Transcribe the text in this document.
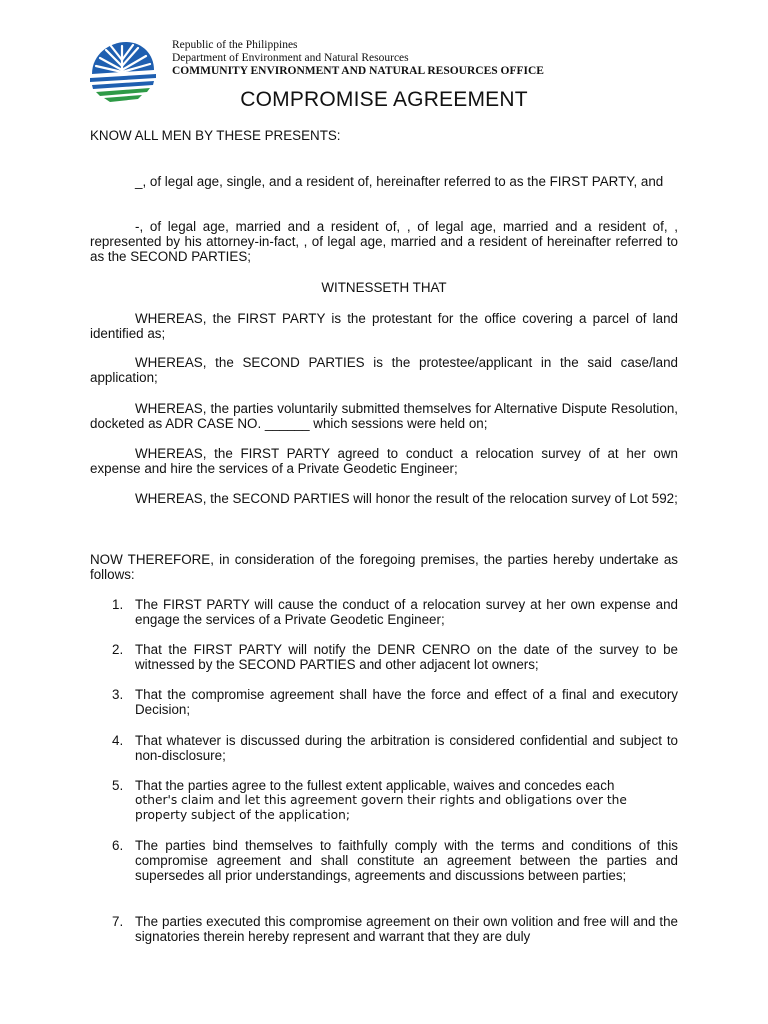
Republic of the Philippines
Department of Environment and Natural Resources
COMMUNITY ENVIRONMENT AND NATURAL RESOURCES OFFICE
COMPROMISE AGREEMENT
KNOW ALL MEN BY THESE PRESENTS:
_, of legal age, single, and a resident of, hereinafter referred to as the FIRST PARTY, and
-, of legal age, married and a resident of, , of legal age, married and a resident of, , represented by his attorney-in-fact, , of legal age, married and a resident of hereinafter referred to as the SECOND PARTIES;
WITNESSETH THAT
WHEREAS, the FIRST PARTY is the protestant for the office covering a parcel of land identified as;
WHEREAS, the SECOND PARTIES is the protestee/applicant in the said case/land application;
WHEREAS, the parties voluntarily submitted themselves for Alternative Dispute Resolution, docketed as ADR CASE NO. ______ which sessions were held on;
WHEREAS, the FIRST PARTY agreed to conduct a relocation survey of at her own expense and hire the services of a Private Geodetic Engineer;
WHEREAS, the SECOND PARTIES will honor the result of the relocation survey of Lot 592;
NOW THEREFORE, in consideration of the foregoing premises, the parties hereby undertake as follows:
1. The FIRST PARTY will cause the conduct of a relocation survey at her own expense and engage the services of a Private Geodetic Engineer;
2. That the FIRST PARTY will notify the DENR CENRO on the date of the survey to be witnessed by the SECOND PARTIES and other adjacent lot owners;
3. That the compromise agreement shall have the force and effect of a final and executory Decision;
4. That whatever is discussed during the arbitration is considered confidential and subject to non-disclosure;
5. That the parties agree to the fullest extent applicable, waives and concedes each
other's claim and let this agreement govern their rights and obligations over the
property subject of the application;
6. The parties bind themselves to faithfully comply with the terms and conditions of this compromise agreement and shall constitute an agreement between the parties and supersedes all prior understandings, agreements and discussions between parties;
7. The parties executed this compromise agreement on their own volition and free will and the signatories therein hereby represent and warrant that they are duly
